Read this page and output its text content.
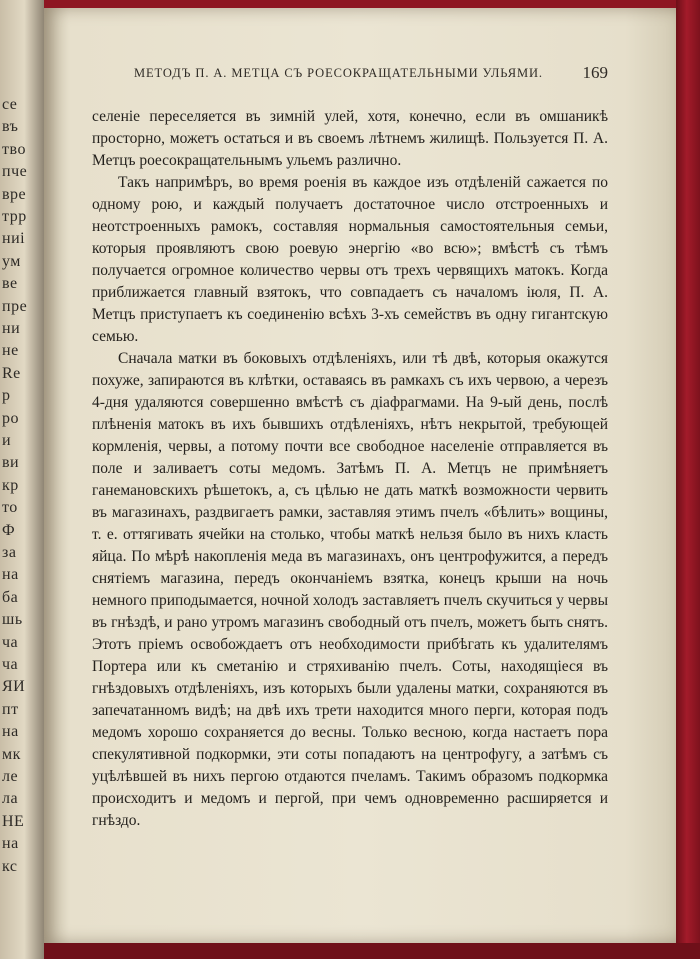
се
въ
тво
пче
вре
трр
ниі
ум
ве
пре
ни
не
Re
р
ро
и
ви
кр
то
Ф
за
на
ба
шь
ча
ча
ЯИ
пт
на
мк
ле
ла
НЕ
на
кс
МЕТОДЪ П. А. МЕТЦА СЪ РОЕСОКРАЩАТЕЛЬНЫМИ УЛЬЯМИ. 169

селеніе переселяется въ зимній улей, хотя, конечно, если въ омшаникѣ просторно, можетъ остаться и въ своемъ лѣтнемъ жилищѣ. Пользуется П. А. Метцъ рoесокращательнымъ ульемъ различно.

Такъ напримѣръ, во время роенія въ каждое изъ отдѣленій сажается по одному рою, и каждый получаетъ достаточное число отстроенныхъ и неотстроенныхъ рамокъ, составляя нормальныя самостоятельныя семьи, которыя проявляютъ свою роевую энергію «во всю»; вмѣстѣ съ тѣмъ получается огромное количество червы отъ трехъ червящихъ матокъ. Когда приближается главный взятокъ, что совпадаетъ съ началомъ іюля, П. А. Метцъ приступаетъ къ соединенію всѣхъ 3-хъ семействъ въ одну гигантскую семью.

Сначала матки въ боковыхъ отдѣленіяхъ, или тѣ двѣ, которыя окажутся похуже, запираются въ клѣтки, оставаясь въ рамкахъ съ ихъ червою, а черезъ 4-дня удаляются совершенно вмѣстѣ съ діафрагмами. На 9-ый день, послѣ плѣненія матокъ въ ихъ бывшихъ отдѣленіяхъ, нѣтъ некрытой, требующей кормленія, червы, а потому почти все свободное населеніе отправляется въ поле и заливаетъ соты медомъ. Затѣмъ П. А. Метцъ не примѣняетъ ганемановскихъ рѣшетокъ, а, съ цѣлью не дать маткѣ возможности червить въ магазинахъ, раздвигаетъ рамки, заставляя этимъ пчелъ «бѣлить» вощины, т. е. оттягивать ячейки на столько, чтобы маткѣ нельзя было въ нихъ класть яйца. По мѣрѣ накопленія меда въ магазинахъ, онъ центрофужится, а передъ снятіемъ магазина, передъ окончаніемъ взятка, конецъ крыши на ночь немного приподымается, ночной холодъ заставляетъ пчелъ скучиться у червы въ гнѣздѣ, и рано утромъ магазинъ свободный отъ пчелъ, можетъ быть снятъ. Этотъ пріемъ освобождаетъ отъ необходимости прибѣгать къ удалителямъ Портера или къ сметанію и стряхиванію пчелъ. Соты, находящіеся въ гнѣздовыхъ отдѣленіяхъ, изъ которыхъ были удалены матки, сохраняются въ запечатанномъ видѣ; на двѣ ихъ трети находится много перги, которая подъ медомъ хорошо сохраняется до весны. Только весною, когда настаетъ пора спекулятивной подкормки, эти соты попадаютъ на центрофугу, а затѣмъ съ уцѣлѣвшей въ нихъ пергою отдаются пчеламъ. Такимъ образомъ подкормка происходитъ и медомъ и пергой, при чемъ одновременно расширяется и гнѣздо.
